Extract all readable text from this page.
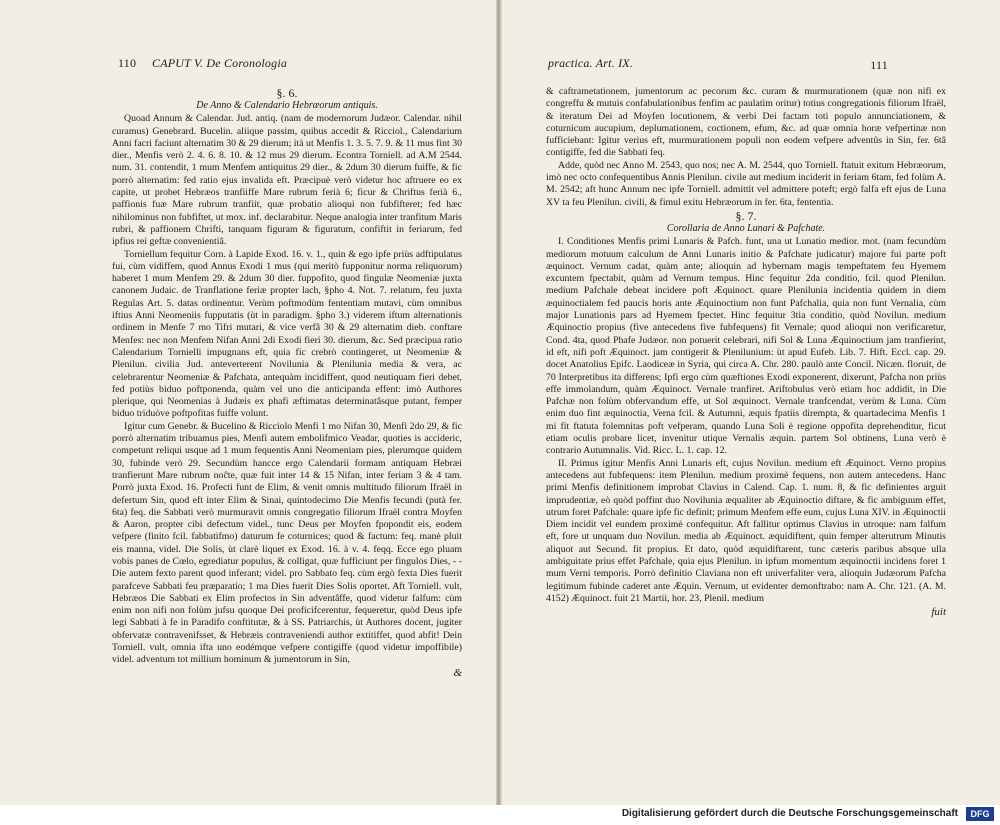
110 CAPUT V. De Coronologia
§. 6.
De Anno & Calendario Hebræorum antiquis.

Quoad Annum & Calendar. Jud. antiq. (nam de modernorum Judæor. Calendar. nihil curamus) Genebrard. Bucelin. aliique passim, quibus accedit & Ricciol., Calendarium Anni facri faciunt alternatim 30 & 29 dierum; ità ut Menfis 1. 3. 5. 7. 9. & 11 mus fint 30 dier., Menfis verò 2. 4. 6. 8. 10. & 12 mus 29 dierum. Econtra Torniell. ad A.M 2544. num. 31. contendit, 1 mum Menfem antiquitus 29 dier., & 2dum 30 dierum fuiffe, & fic porrò alternatim: fed ratio ejus invalida eft. Præcipuè verò videtur hoc aftruere eo ex capite, ut probet Hebræos tranfiiffe Mare rubrum ferià 6; ficur & Chriftus ferià 6., paffionis fuæ Mare rubrum tranfiit, quæ probatio alioqui non fubfifteret; fed hæc nihilominus non fubfiftet, ut mox. inf. declarabitur. Neque analogia inter tranfitum Maris rubri, & paffionem Chrifti, tanquam figuram & figuratum, confiftit in feriarum, fed ipfius rei geftæ convenientiâ.

Torniellum fequitur Corn. à Lapide Exod. 16. v. 1., quin & ego ipfe priùs adftipulatus fui, cùm vidiffem, quod Annus Exodi 1 mus (qui meritò fupponitur norma reliquorum) haberet 1 mum Menfem 29. & 2dum 30 dier. fuppofito, quod fingulæ Neomeniæ juxta canonem Judaic. de Tranflatione feriæ propter lach, §pho 4. Not. 7. relatum, feu juxta Regulas Art. 5. datas ordinentur. Verùm poftmodùm fententiam mutavi, cùm omnibus iftius Anni Neomeniis fupputatis (ùt in paradigm. §pho 3.) viderem iftum alternationis ordinem in Menfe 7 mo Tifri mutari, & vice verfâ 30 & 29 alternatim dieb. conftare Menfes: nec non Menfem Nifan Anni 2di Exodi fieri 30. dierum, &c. Sed præcipua ratio Calendarium Tornielli impugnans eft, quia fic crebrò contingeret, ut Neomeniæ & Plenilun. civilia Jud. anteverterent Novilunia & Plenilunia media & vera, ac celebrarentur Neomeniæ & Pafchata, antequàm incidiffent, quod neutiquam fieri debet, fed potiùs biduo poftponenda, quàm vel uno die anticipanda effent: imò Authores plerique, qui Neomenias à Judæis ex phafi æftimatas determinatâsque putant, femper biduo triduòve poftpofitas fuiffe volunt.

Igitur cum Genebr. & Bucelino & Ricciolo Menfi 1 mo Nifan 30, Menfi 2do 29, & fic porrò alternatim tribuamus pies, Menfi autem embolifmico Veadar, quoties is accideric, competunt reliqui usque ad 1 mum fequentis Anni Neomeniam pies, plerumque quidem 30, fubinde verò 29. Secundùm hancce ergo Calendarii formam antiquam Hebræi tranfierunt Mare rubrum noĉte, quæ fuit inter 14 & 15 Nifan, inter feriam 3 & 4 tam. Porrò juxta Exod. 16. Profecti funt de Elim, & venit omnis multitudo filiorum Ifraël in defertum Sin, quod eft inter Elim & Sinai, quintodecimo Die Menfis fecundi (putà fer. 6ta) feq. die Sabbati verò murmuravit omnis congregatio filiorum Ifraël contra Moyfen & Aaron, propter cibi defectum videl., tunc Deus per Moyfen fpopondit eis, eodem vefpere (finito fcil. fabbatifmo) daturum fe coturnices; quod & factum: feq. manè pluit eis manna, videl. Die Solis, ùt clarè liquet ex Exod. 16. à v. 4. feqq. Ecce ego pluam vobis panes de Cœlo, egrediatur populus, & colligat, quæ fufficiunt per fingulos Dies, - - Die autem fexto parent quod inferant; videl. pro Sabbato feq. cùm ergò fexta Dies fuerit parafceve Sabbati feu præparatio; 1 ma Dies fuerit Dies Solis oportet. Aft Torniell. vult, Hebræos Die Sabbati ex Elim profectos in Sin adventâffe, quod videtur falfum: cùm enim non nifi non folùm jufsu quoque Dei proficifcerentur, fequeretur, quòd Deus ipfe legi Sabbati à fe in Paradifo conftitutæ, & à SS. Patriarchis, ùt Authores docent, jugiter obfervatæ contravenifsset, & Hebræis contraveniendi author extitiffet, quod abfit! Dein Torniell. vult, omnia ifta uno eodémque vefpere contigiffe (quod videtur impoffibile) videl. adventum tot millium hominum & jumentorum in Sin,

&
practica. Art. IX.	111

& caftrametationem, jumentorum ac pecorum &c. curam & murmurationem (quæ non nifi ex congreffu & mutuis confabulationibus fenfim ac paulatim oritur) totius congregationis filiorum Ifraël, & iteratum Dei ad Moyfen locutionem, & verbi Dei factam toti populo annunciationem, & coturnicum aucupium, deplumationem, coctionem, efum, &c. ad quæ omnia horæ vefpertinæ non fufficiebant: Igitur verius eft, murmurationem populi non eodem vefpere adventûs in Sin, fer. 6tâ contigiffe, fed die Sabbati feq.

Adde, quòd nec Anno M. 2543, quo nos; nec A. M. 2544, quo Torniell. ftatuit exitum Hebræorum, imò nec octo confequentibus Annis Plenilun. civile aut medium inciderit in feriam 6tam, fed folùm A. M. 2542; aft hunc Annum nec ipfe Torniell. admittit vel admittere poteft; ergò falfa eft ejus de Luna XV ta feu Plenilun. civili, & fimul exitu Hebræorum in fer. 6ta, fententia.

§. 7.
Corollaria de Anno Lunari & Pafchate.

I. Conditiones Menfis primi Lunaris & Pafch. funt, una ut Lunatio medior. mot. (nam fecundùm mediorum motuum calculum de Anni Lunaris initio & Pafchate judicatur) majore fui parte poft æquinoct. Vernum cadat, quàm ante; alioquin ad hybernam magis tempeftatem feu Hyemem excuntem fpectabit, quàm ad Vernum tempus. Hinc fequitur 2da conditio, fcil. quod Plenilun. medium Pafchale debeat incidere poft Æquinoct. quare Plenilunia incidentia quidem in diem æquinoctialem fed paucis horis ante Æquinoctium non funt Pafchalia, quia non funt Vernalia, cùm major Lunationis pars ad Hyemem fpectet. Hinc fequitur 3tia conditio, quòd Novilun. medium Æquinoctio propius (five antecedens five fubfequens) fit Vernale; quod alioqui non verificaretur, Cond. 4ta, quod Phafe Judæor. non potuerit celebrari, nifi Sol & Luna Æquinoctium jam tranfierint, id eft, nifi poft Æquinoct. jam contigerit & Plenilunium: ùt apud Eufeb. Lib. 7. Hift. Eccl. cap. 29. docet Anatolius Epifc. Laodiceæ in Syria, qui circa A. Chr. 280. paulò ante Concil. Nicæn. floruit, de 70 Interpretibus ita differens; Ipfi ergo cùm quæftiones Exodi exponerent, dixerunt, Pafcha non priùs effe immolandum, quàm Æquinoct. Vernale tranfiret. Ariftobulus verò etiam hoc addidit, in Die Pafchæ non folùm obfervandum effe, ut Sol æquinoct. Vernale tranfcendat, verùm & Luna. Cùm enim duo fint æquinoctia, Verna fcil. & Autumni, æquis fpatiis dirempta, & quartadecima Menfis 1 mi fit ftatuta folemnitas poft vefperam, quando Luna Soli è regione oppofita deprehenditur, ficut etiam oculis probare licet, invenitur utique Vernalis æquin. partem Sol obtinens, Luna verò è contrario Autumnalis. Vid. Ricc. L. 1. cap. 12.

II. Primus igitur Menfis Anni Lunaris eft, cujus Novilun. medium eft Æquinoct. Verno propius antecedens aut fubfequens: item Plenilun. medium proximè fequens, non autem antecedens. Hanc primi Menfis definitionem improbat Clavius in Calend. Cap. 1. num. 8, & fic definientes arguit imprudentiæ, eò quòd poffint duo Novilunia æqualiter ab Æquinoctio diftare, & fic ambiguum effet, utrum foret Pafchale: quare ipfe fic definit; primum Menfem effe eum, cujus Luna XIV. in Æquinoctii Diem incidit vel eundem proximè confequitur. Aft fallitur optimus Clavius in utroque: nam falfum eft, fore ut unquam duo Novilun. media ab Æquinoct. æquidiftent, quin femper alterutrum Minutis aliquot aut Secund. fit propius. Et dato, quòd æquidiftarent, tunc cæteris paribus absque ulla ambiguitate prius effet Pafchale, quia ejus Plenilun. in ipfum momentum æquinoctii incidens foret 1 mum Verni temporis. Porrò definitio Claviana non eft univerfaliter vera, alioquin Judæorum Pafcha legitimum fubinde caderet ante Æquin. Vernum, ut evidenter demonftrabo: nam A. Chr. 121. (A. M. 4152) Æquinoct. fuit 21 Martii, hor. 23, Plenil. medium

fuit
Digitalisierung gefördert durch die Deutsche Forschungsgemeinschaft	DFG
